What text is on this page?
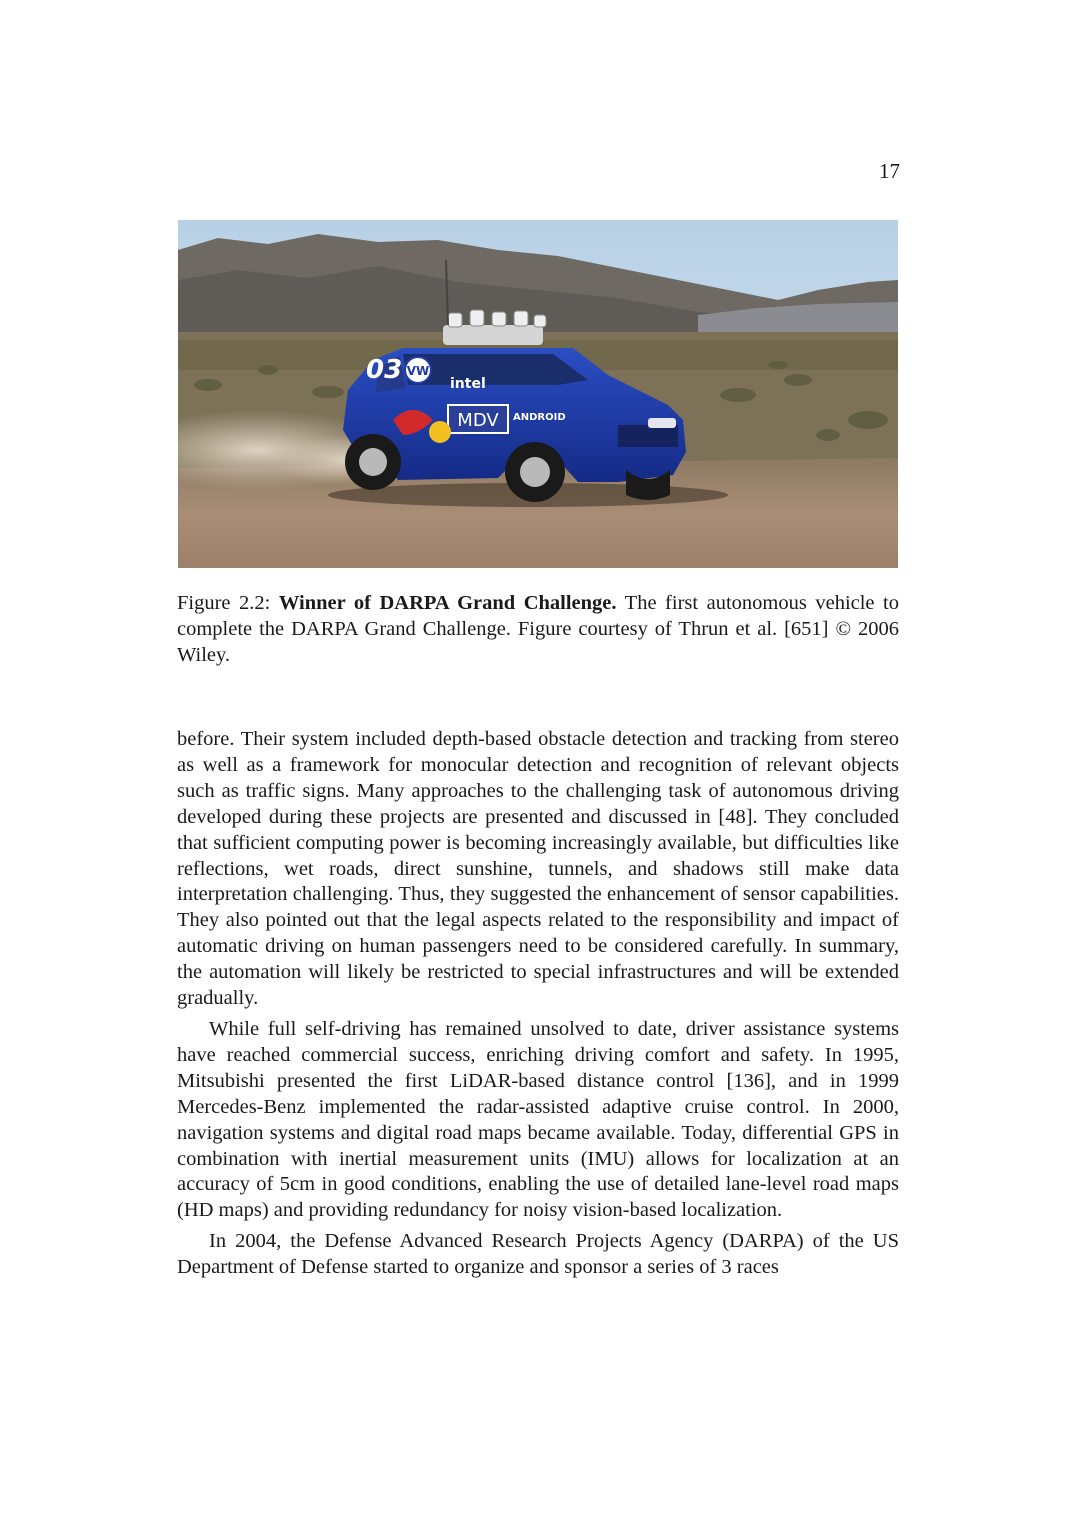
17
VW
03	intel
MDV ANDROID
Figure 2.2: Winner of DARPA Grand Challenge. The first autonomous vehicle to complete the DARPA Grand Challenge. Figure courtesy of Thrun et al. [651] © 2006 Wiley.

before. Their system included depth-based obstacle detection and tracking from stereo as well as a framework for monocular detection and recognition of relevant objects such as traffic signs. Many approaches to the challenging task of autonomous driving developed during these projects are presented and discussed in [48]. They concluded that sufficient computing power is becoming increasingly available, but difficulties like reflections, wet roads, direct sunshine, tunnels, and shadows still make data interpretation challenging. Thus, they suggested the enhancement of sensor capabilities. They also pointed out that the legal aspects related to the responsibility and impact of automatic driving on human passengers need to be considered carefully. In summary, the automation will likely be restricted to special infrastructures and will be extended gradually.

While full self-driving has remained unsolved to date, driver assistance systems have reached commercial success, enriching driving comfort and safety. In 1995, Mitsubishi presented the first LiDAR-based distance control [136], and in 1999 Mercedes-Benz implemented the radar-assisted adaptive cruise control. In 2000, navigation systems and digital road maps became available. Today, differential GPS in combination with inertial measurement units (IMU) allows for localization at an accuracy of 5cm in good conditions, enabling the use of detailed lane-level road maps (HD maps) and providing redundancy for noisy vision-based localization.

In 2004, the Defense Advanced Research Projects Agency (DARPA) of the US Department of Defense started to organize and sponsor a series of 3 races
